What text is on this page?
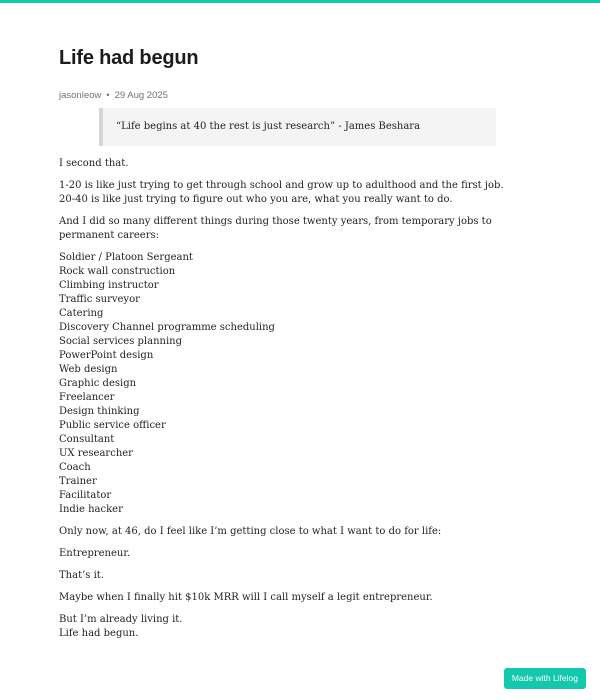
Life had begun
jasonleow • 29 Aug 2025
“Life begins at 40 the rest is just research” - James Beshara

I second that.

1-20 is like just trying to get through school and grow up to adulthood and the first job.
20-40 is like just trying to figure out who you are, what you really want to do.

And I did so many different things during those twenty years, from temporary jobs to permanent careers:

Soldier / Platoon Sergeant
Rock wall construction
Climbing instructor
Traffic surveyor
Catering
Discovery Channel programme scheduling
Social services planning
PowerPoint design
Web design
Graphic design
Freelancer
Design thinking
Public service officer
Consultant
UX researcher
Coach
Trainer
Facilitator
Indie hacker

Only now, at 46, do I feel like I’m getting close to what I want to do for life:

Entrepreneur.

That’s it.

Maybe when I finally hit $10k MRR will I call myself a legit entrepreneur.

But I’m already living it.
Life had begun.

Made with Lifelog
